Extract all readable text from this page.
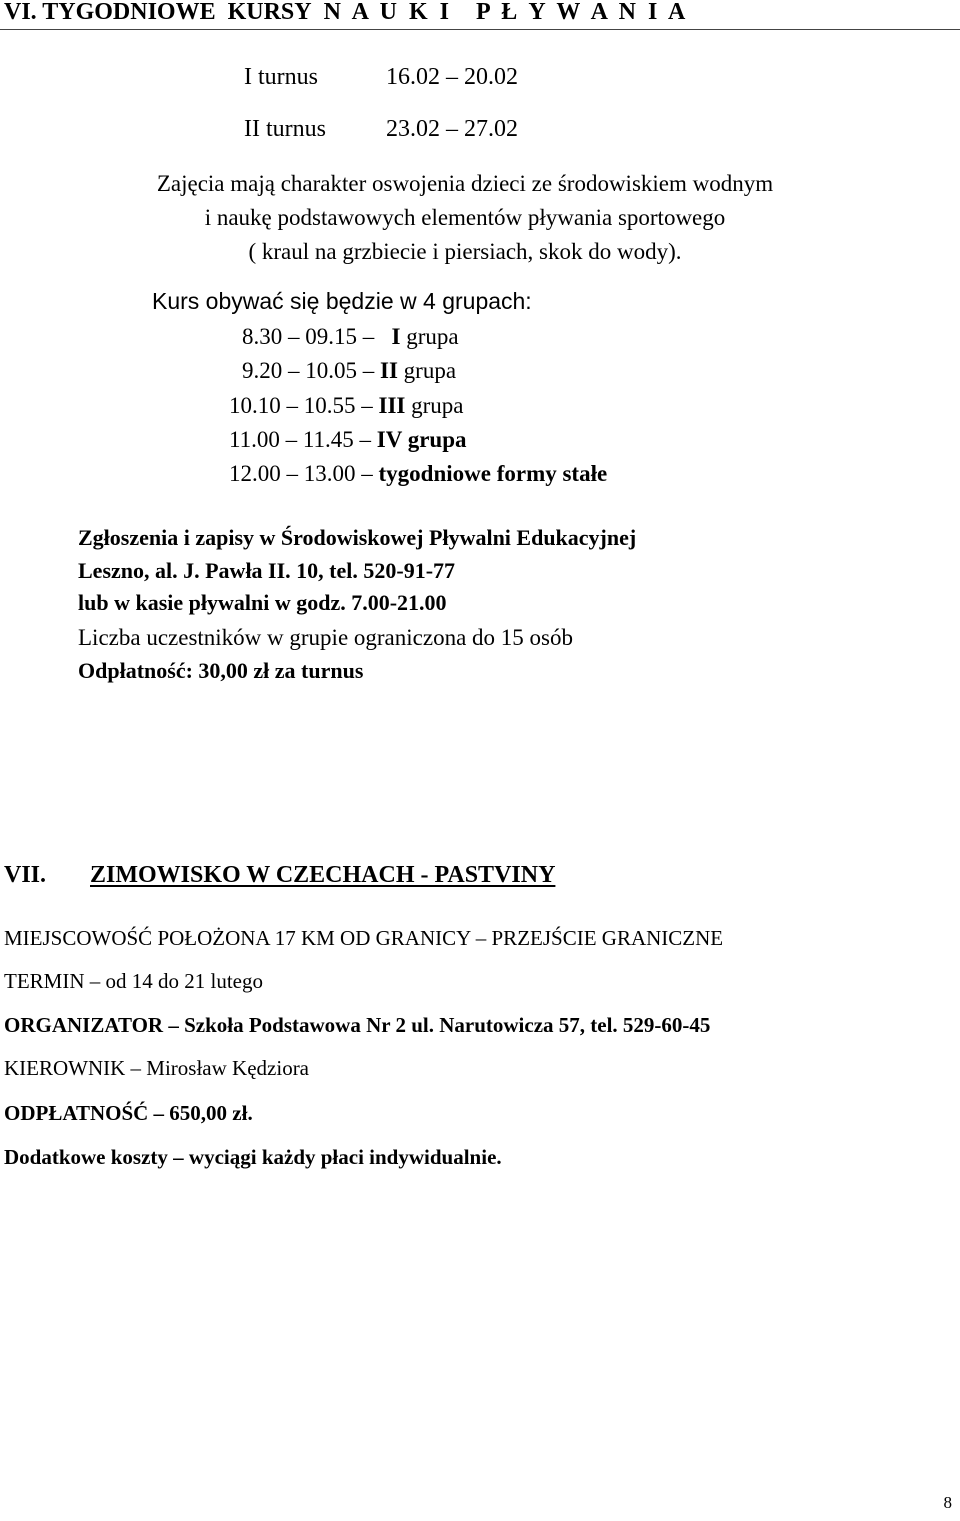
VI. TYGODNIOWE KURSY N A U K I P Ł Y W A N I A
I turnus	16.02 – 20.02
II turnus	23.02 – 27.02
Zajęcia mają charakter oswojenia dzieci ze środowiskiem wodnym
i naukę podstawowych elementów pływania sportowego
( kraul na grzbiecie i piersiach, skok do wody).
Kurs obywać się będzie w 4 grupach:
8.30 – 09.15 – I grupa
9.20 – 10.05 – II grupa
10.10 – 10.55 – III grupa
11.00 – 11.45 – IV grupa
12.00 – 13.00 – tygodniowe formy stałe
Zgłoszenia i zapisy w Środowiskowej Pływalni Edukacyjnej
Leszno, al. J. Pawła II. 10, tel. 520-91-77
lub w kasie pływalni w godz. 7.00-21.00
Liczba uczestników w grupie ograniczona do 15 osób
Odpłatność: 30,00 zł za turnus
VII. ZIMOWISKO W CZECHACH - PASTVINY
MIEJSCOWOŚĆ POŁOŻONA 17 KM OD GRANICY – PRZEJŚCIE GRANICZNE
TERMIN – od 14 do 21 lutego
ORGANIZATOR – Szkoła Podstawowa Nr 2 ul. Narutowicza 57, tel. 529-60-45
KIEROWNIK – Mirosław Kędziora
ODPŁATNOŚĆ – 650,00 zł.
Dodatkowe koszty – wyciągi każdy płaci indywidualnie.
8
